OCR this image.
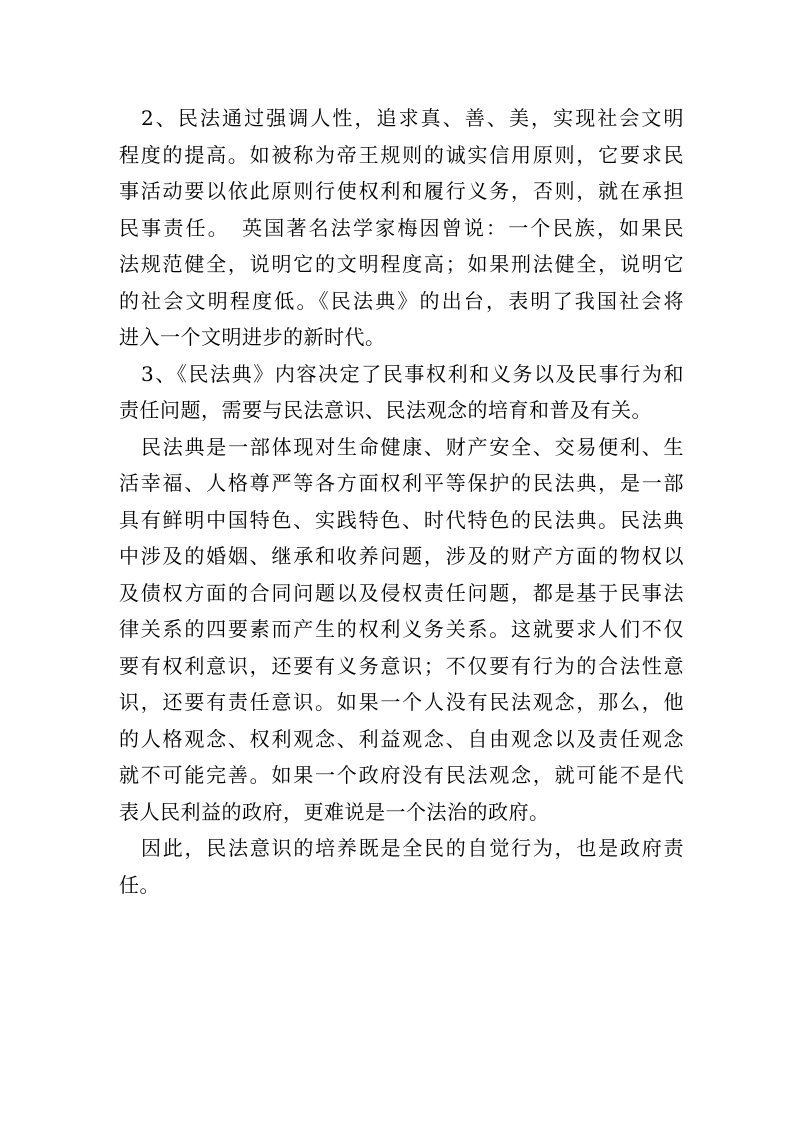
2、民法通过强调人性，追求真、善、美，实现社会文明
程度的提高。如被称为帝王规则的诚实信用原则，它要求民
事活动要以依此原则行使权利和履行义务，否则，就在承担
民事责任。　英国著名法学家梅因曾说：一个民族，如果民
法规范健全，说明它的文明程度高；如果刑法健全，说明它
的社会文明程度低。《民法典》的出台，表明了我国社会将
进入一个文明进步的新时代。
3、《民法典》内容决定了民事权利和义务以及民事行为和
责任问题，需要与民法意识、民法观念的培育和普及有关。
民法典是一部体现对生命健康、财产安全、交易便利、生
活幸福、人格尊严等各方面权利平等保护的民法典，是一部
具有鲜明中国特色、实践特色、时代特色的民法典。民法典
中涉及的婚姻、继承和收养问题，涉及的财产方面的物权以
及债权方面的合同问题以及侵权责任问题，都是基于民事法
律关系的四要素而产生的权利义务关系。这就要求人们不仅
要有权利意识，还要有义务意识；不仅要有行为的合法性意
识，还要有责任意识。如果一个人没有民法观念，那么，他
的人格观念、权利观念、利益观念、自由观念以及责任观念
就不可能完善。如果一个政府没有民法观念，就可能不是代
表人民利益的政府，更难说是一个法治的政府。
因此，民法意识的培养既是全民的自觉行为，也是政府责
任。
